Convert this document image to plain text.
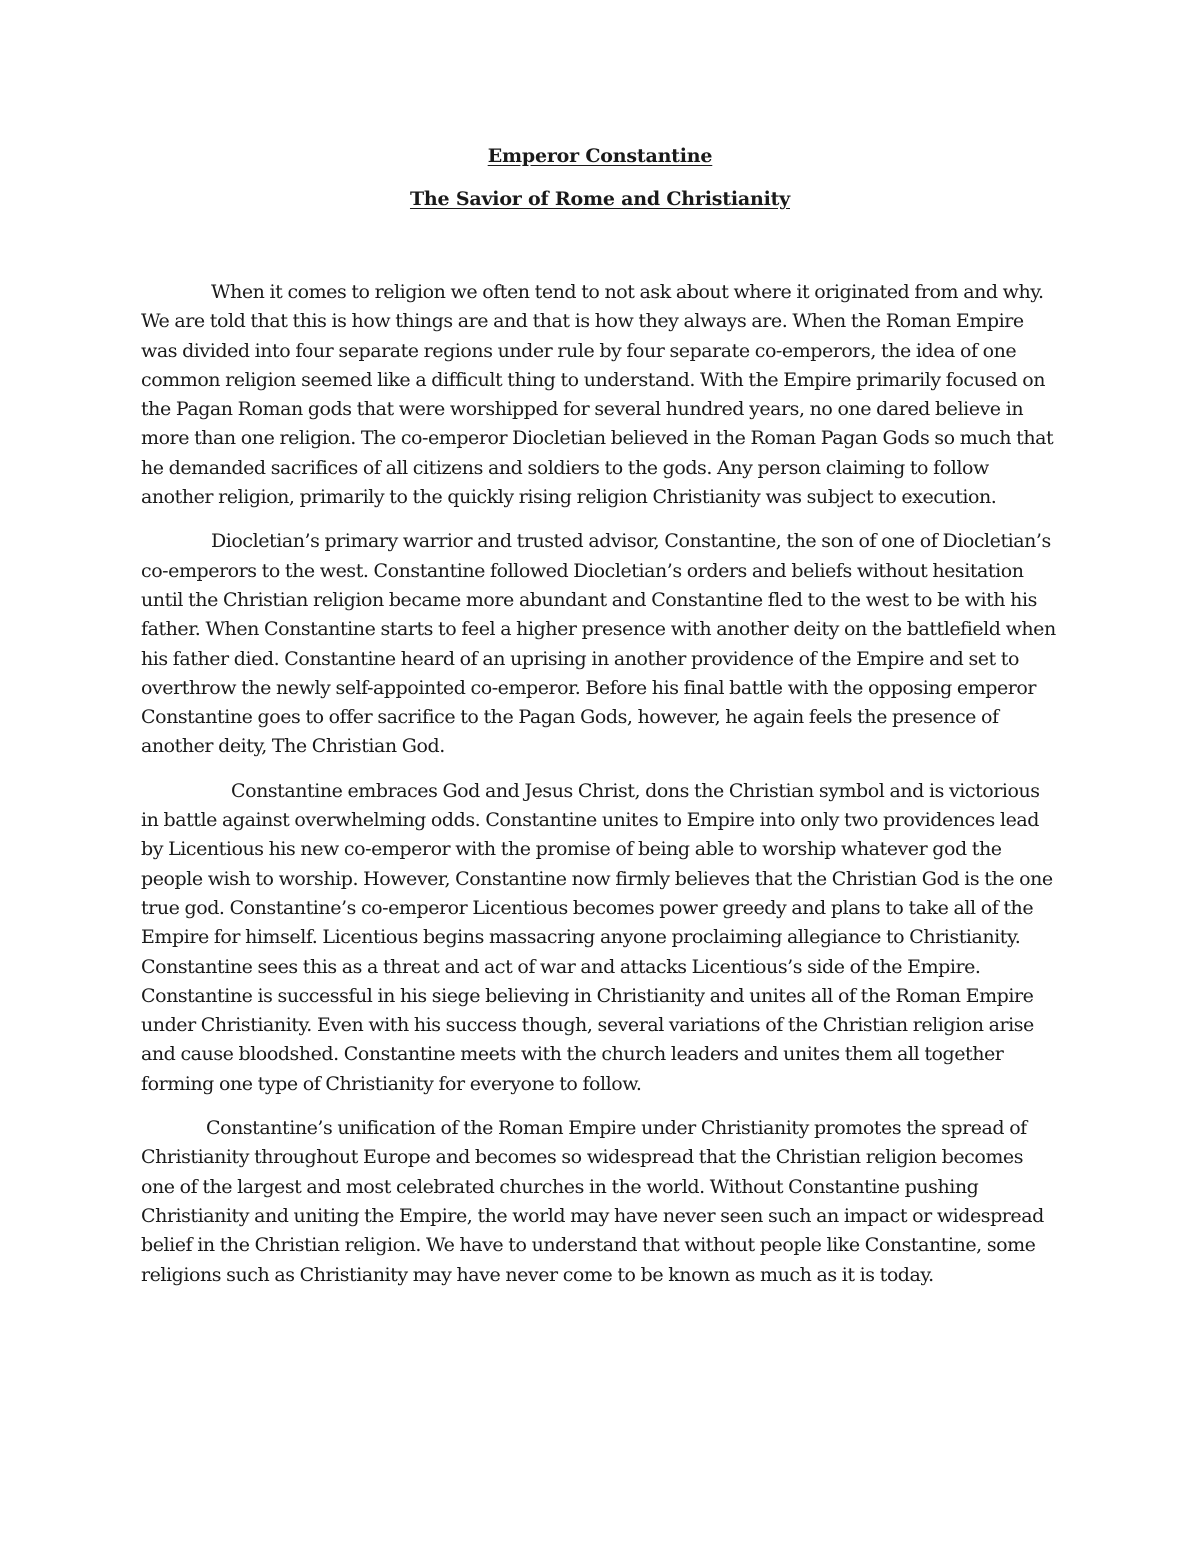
Emperor Constantine
The Savior of Rome and Christianity

When it comes to religion we often tend to not ask about where it originated from and why. We are told that this is how things are and that is how they always are. When the Roman Empire was divided into four separate regions under rule by four separate co-emperors, the idea of one common religion seemed like a difficult thing to understand. With the Empire primarily focused on the Pagan Roman gods that were worshipped for several hundred years, no one dared believe in more than one religion. The co-emperor Diocletian believed in the Roman Pagan Gods so much that he demanded sacrifices of all citizens and soldiers to the gods. Any person claiming to follow another religion, primarily to the quickly rising religion Christianity was subject to execution.

Diocletian’s primary warrior and trusted advisor, Constantine, the son of one of Diocletian’s co-emperors to the west. Constantine followed Diocletian’s orders and beliefs without hesitation until the Christian religion became more abundant and Constantine fled to the west to be with his father. When Constantine starts to feel a higher presence with another deity on the battlefield when his father died. Constantine heard of an uprising in another providence of the Empire and set to overthrow the newly self-appointed co-emperor. Before his final battle with the opposing emperor Constantine goes to offer sacrifice to the Pagan Gods, however, he again feels the presence of another deity, The Christian God.

Constantine embraces God and Jesus Christ, dons the Christian symbol and is victorious in battle against overwhelming odds. Constantine unites to Empire into only two providences lead by Licentious his new co-emperor with the promise of being able to worship whatever god the people wish to worship. However, Constantine now firmly believes that the Christian God is the one true god. Constantine’s co-emperor Licentious becomes power greedy and plans to take all of the Empire for himself. Licentious begins massacring anyone proclaiming allegiance to Christianity. Constantine sees this as a threat and act of war and attacks Licentious’s side of the Empire. Constantine is successful in his siege believing in Christianity and unites all of the Roman Empire under Christianity. Even with his success though, several variations of the Christian religion arise and cause bloodshed. Constantine meets with the church leaders and unites them all together forming one type of Christianity for everyone to follow.

Constantine’s unification of the Roman Empire under Christianity promotes the spread of Christianity throughout Europe and becomes so widespread that the Christian religion becomes one of the largest and most celebrated churches in the world. Without Constantine pushing Christianity and uniting the Empire, the world may have never seen such an impact or widespread belief in the Christian religion. We have to understand that without people like Constantine, some religions such as Christianity may have never come to be known as much as it is today.
